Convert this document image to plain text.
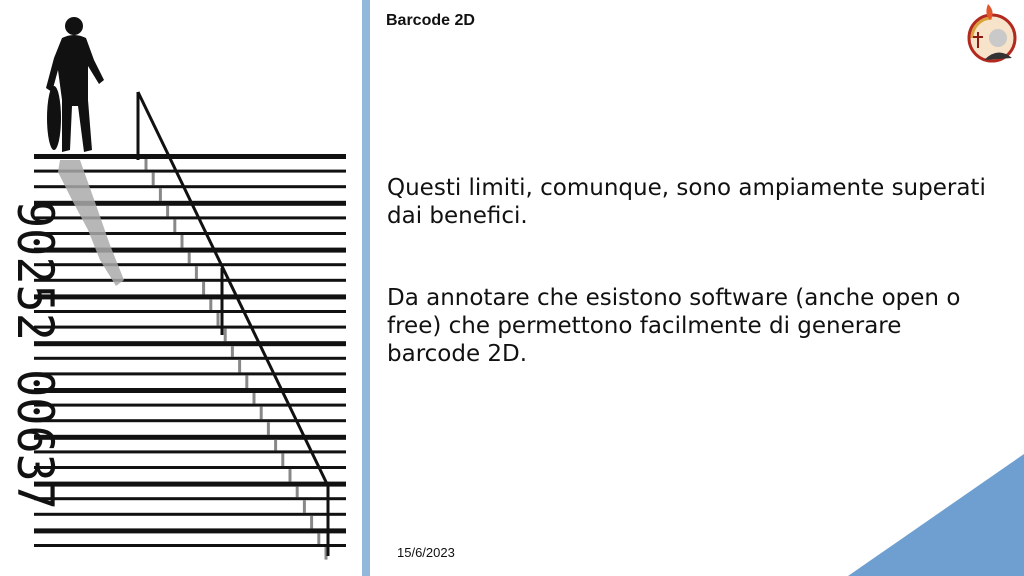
90252 00637
Barcode 2D

Questi limiti, comunque, sono ampiamente superati dai benefici.

Da annotare che esistono software (anche open o free) che permettono facilmente di generare barcode 2D.

15/6/2023
